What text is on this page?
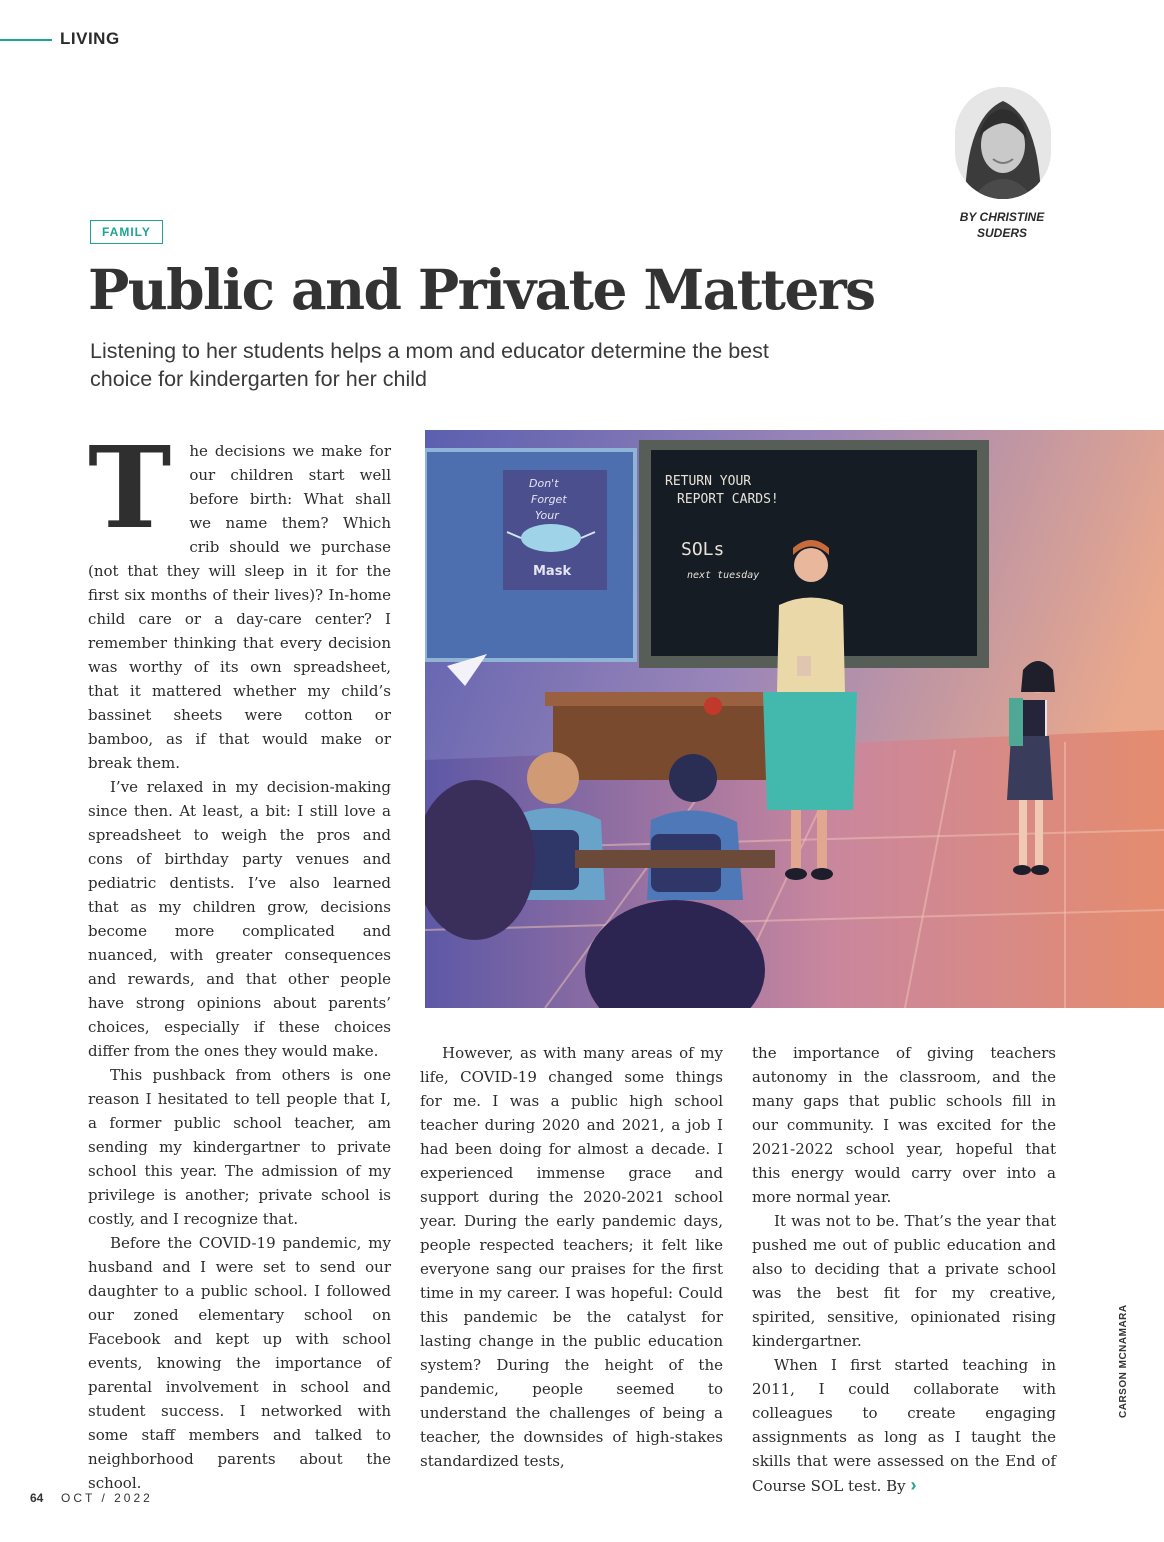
LIVING
BY CHRISTINE SUDERS
FAMILY
Public and Private Matters

Listening to her students helps a mom and educator determine the best choice for kindergarten for her child

T he decisions we make for our children start well before birth: What shall we name them? Which crib should we purchase (not that they will sleep in it for the first six months of their lives)? In-home child care or a day-care center? I remember thinking that every decision was worthy of its own spreadsheet, that it mattered whether my child’s bassinet sheets were cotton or bamboo, as if that would make or break them.

I’ve relaxed in my decision-making since then. At least, a bit: I still love a spreadsheet to weigh the pros and cons of birthday party venues and pediatric dentists. I’ve also learned that as my children grow, decisions become more complicated and nuanced, with greater consequences and rewards, and that other people have strong opinions about parents’ choices, especially if these choices differ from the ones they would make.

This pushback from others is one reason I hesitated to tell people that I, a former public school teacher, am sending my kindergartner to private school this year. The admission of my privilege is another; private school is costly, and I recognize that.

Before the COVID-19 pandemic, my husband and I were set to send our daughter to a public school. I followed our zoned elementary school on Facebook and kept up with school events, knowing the importance of parental involvement in school and student success. I networked with some staff members and talked to neighborhood parents about the school.

Don't
Forget
Your
Mask
RETURN YOUR
REPORT CARDS!
SOLs
next tuesday

However, as with many areas of my life, COVID-19 changed some things for me. I was a public high school teacher during 2020 and 2021, a job I had been doing for almost a decade. I experienced immense grace and support during the 2020-2021 school year. During the early pandemic days, people respected teachers; it felt like everyone sang our praises for the first time in my career. I was hopeful: Could this pandemic be the catalyst for lasting change in the public education system? During the height of the pandemic, people seemed to understand the challenges of being a teacher, the downsides of high-stakes standardized tests,

the importance of giving teachers autonomy in the classroom, and the many gaps that public schools fill in our community. I was excited for the 2021-2022 school year, hopeful that this energy would carry over into a more normal year.

It was not to be. That’s the year that pushed me out of public education and also to deciding that a private school was the best fit for my creative, spirited, sensitive, opinionated rising kindergartner.

When I first started teaching in 2011, I could collaborate with colleagues to create engaging assignments as long as I taught the skills that were assessed on the End of Course SOL test. By ›

CARSON MCNAMARA
64 OCT / 2022
